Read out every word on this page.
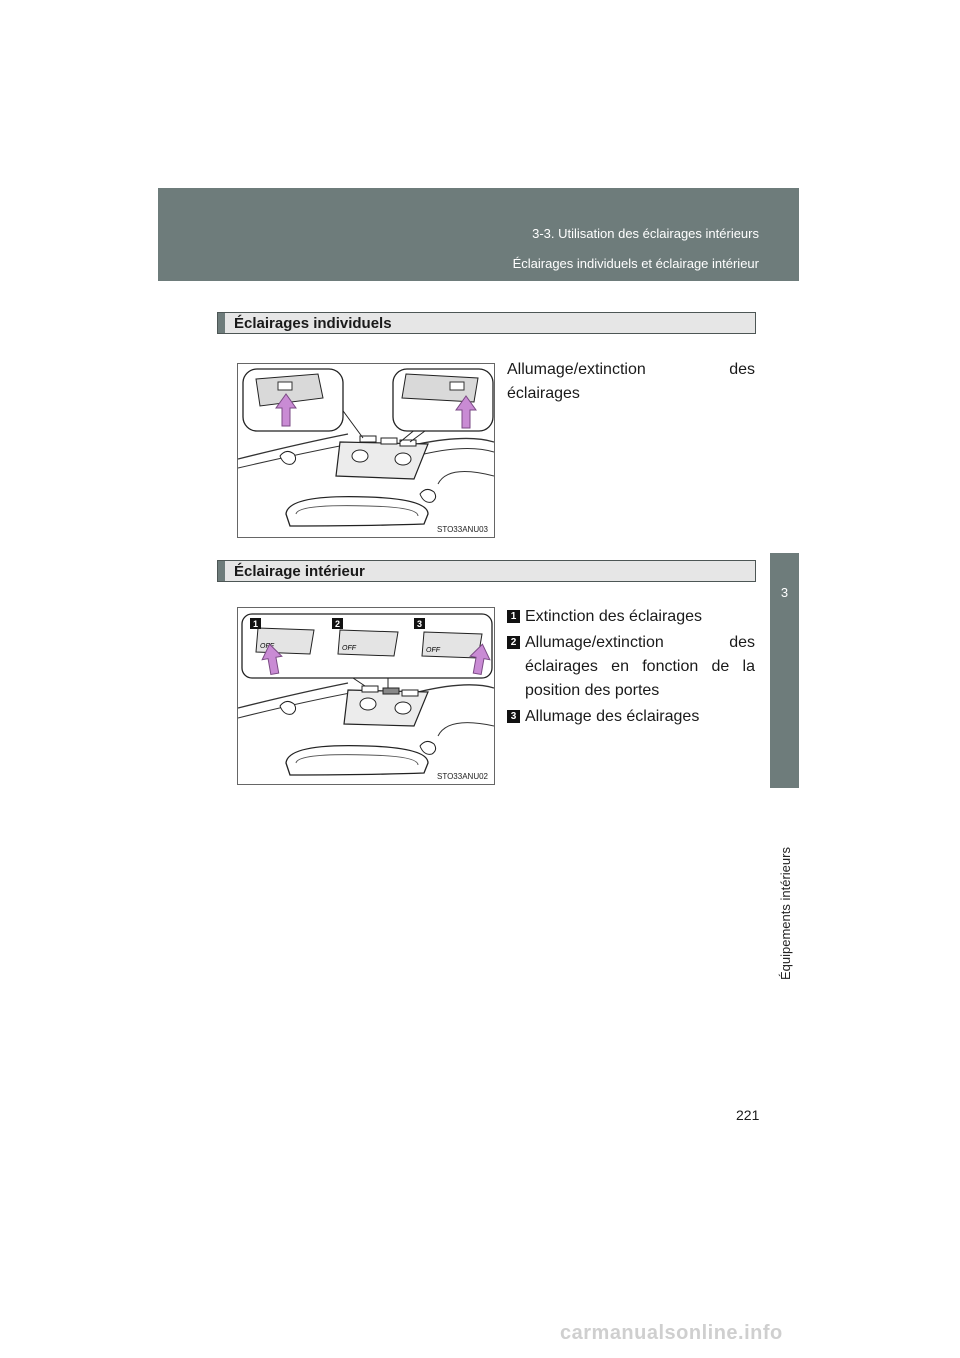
3-3. Utilisation des éclairages intérieurs
Éclairages individuels et éclairage intérieur
3
Équipements intérieurs
Éclairages individuels
STO33ANU03
Allumage/extinction des
éclairages
Éclairage intérieur
OFF	OFF	OFF
1	2	3
STO33ANU02
1 Extinction des éclairages
2 Allumage/extinction des
éclairages en fonction de la
position des portes
3 Allumage des éclairages
221
carmanualsonline.info
